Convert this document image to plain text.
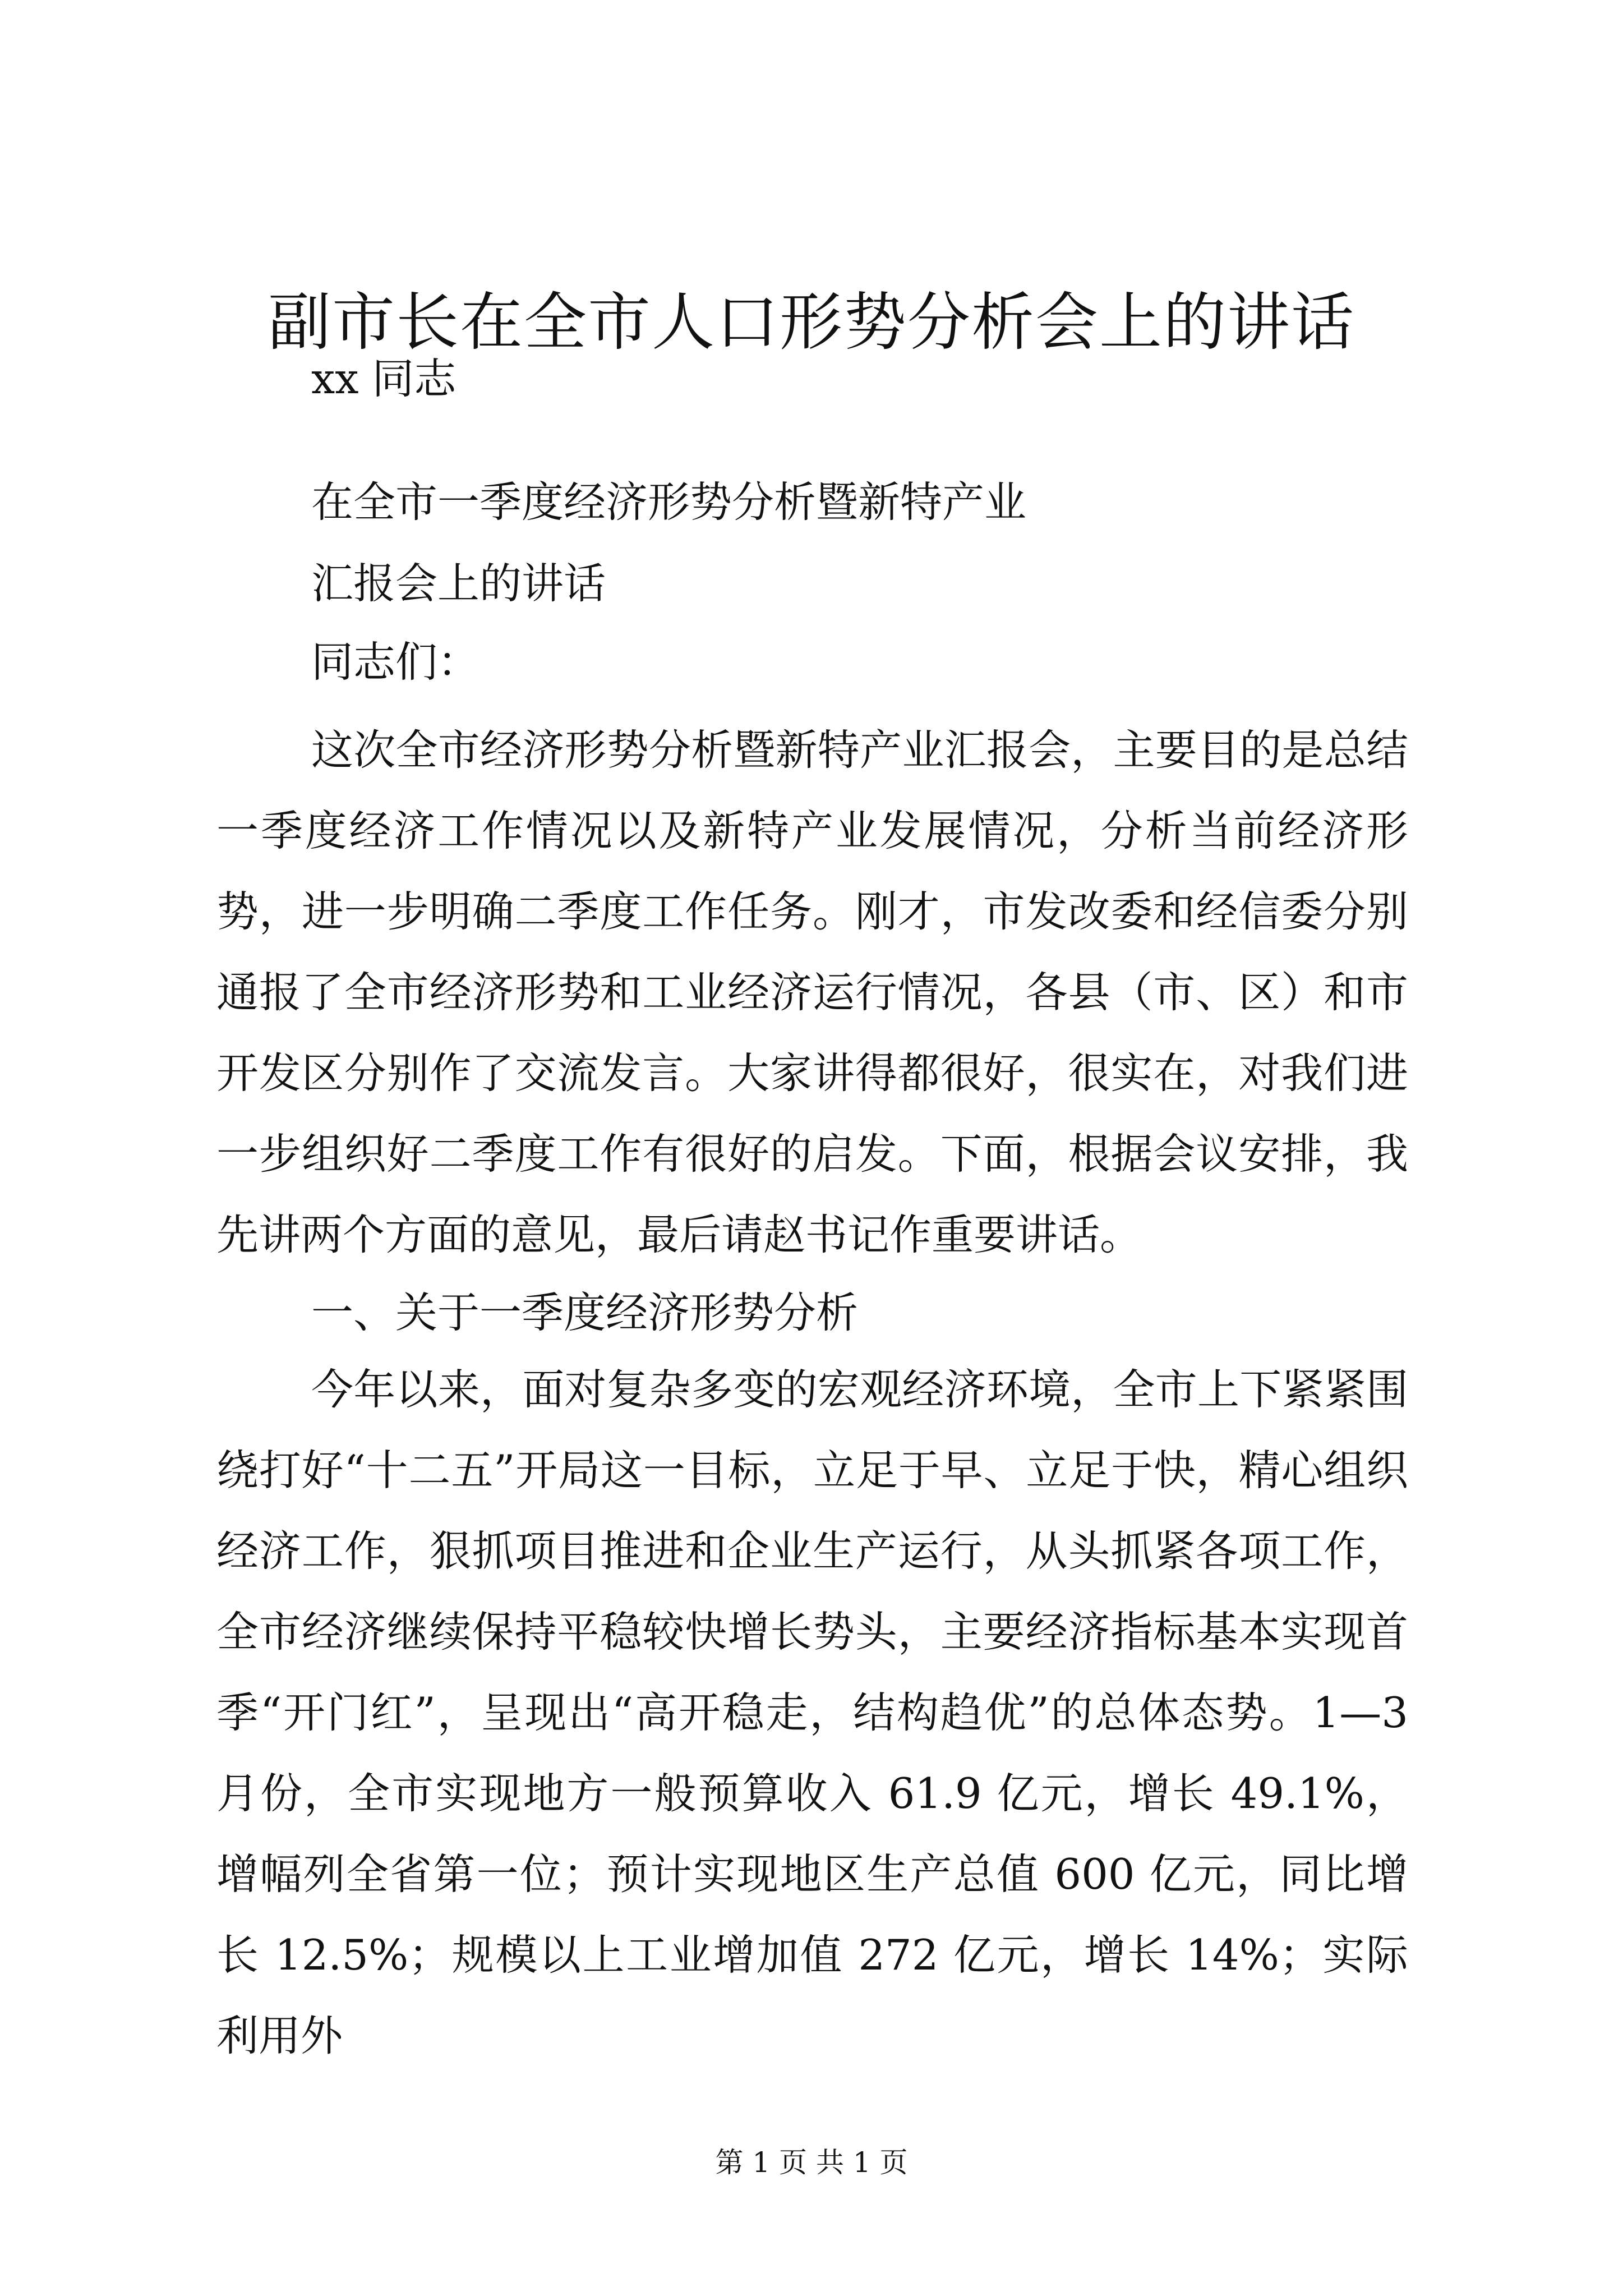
副市长在全市人口形势分析会上的讲话

xx 同志

在全市一季度经济形势分析暨新特产业

汇报会上的讲话

同志们：

这次全市经济形势分析暨新特产业汇报会，主要目的是总结一季度经济工作情况以及新特产业发展情况，分析当前经济形势，进一步明确二季度工作任务。刚才，市发改委和经信委分别通报了全市经济形势和工业经济运行情况，各县（市、区）和市开发区分别作了交流发言。大家讲得都很好，很实在，对我们进一步组织好二季度工作有很好的启发。下面，根据会议安排，我先讲两个方面的意见，最后请赵书记作重要讲话。

一、关于一季度经济形势分析

今年以来，面对复杂多变的宏观经济环境，全市上下紧紧围绕打好“十二五”开局这一目标，立足于早、立足于快，精心组织经济工作，狠抓项目推进和企业生产运行，从头抓紧各项工作，全市经济继续保持平稳较快增长势头，主要经济指标基本实现首季“开门红”，呈现出“高开稳走，结构趋优”的总体态势。1—3 月份，全市实现地方一般预算收入 61.9 亿元，增长 49.1%，增幅列全省第一位；预计实现地区生产总值 600 亿元，同比增长 12.5%；规模以上工业增加值 272 亿元，增长 14%；实际利用外

第 1 页 共 1 页
